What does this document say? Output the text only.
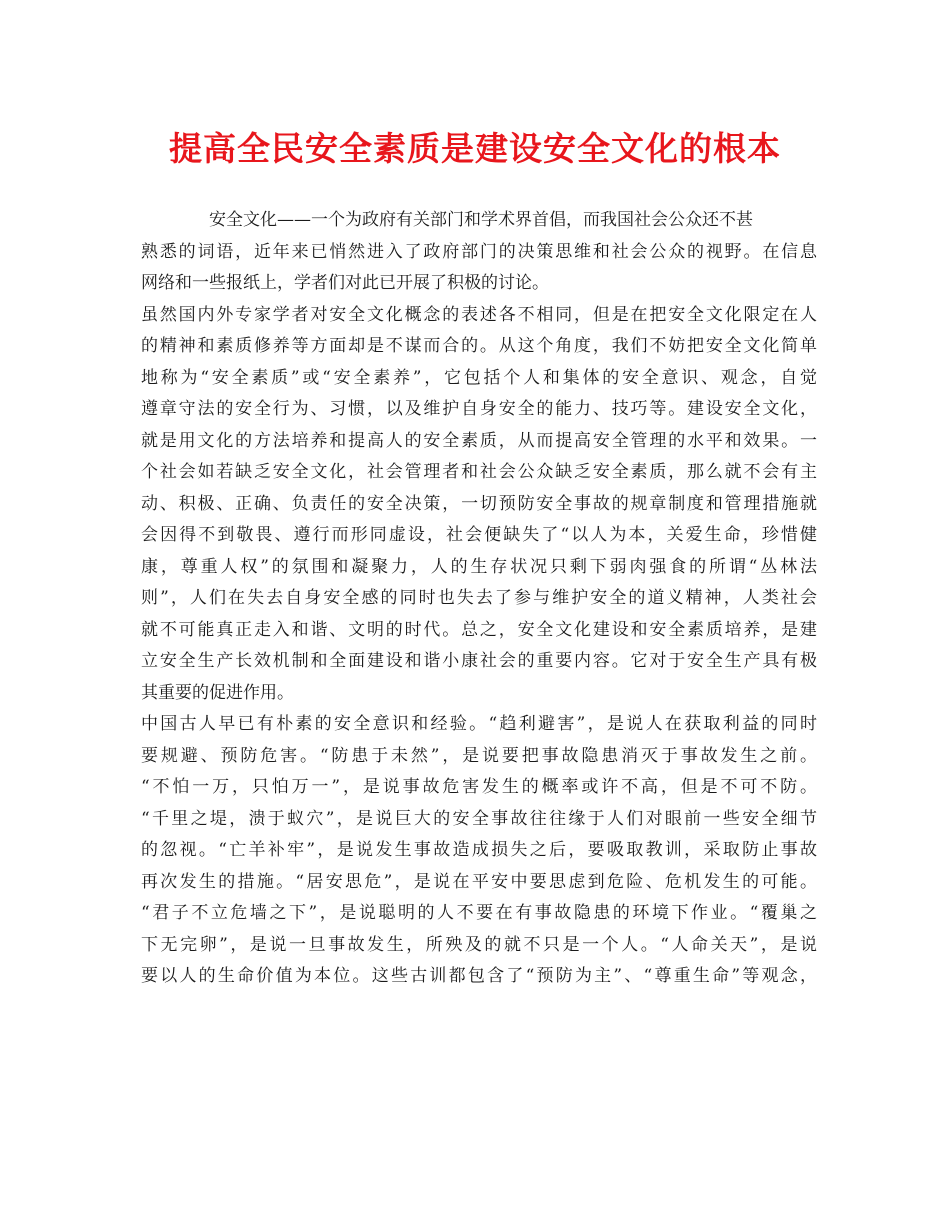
提高全民安全素质是建设安全文化的根本
安全文化——一个为政府有关部门和学术界首倡，而我国社会公众还不甚
熟悉的词语，近年来已悄然进入了政府部门的决策思维和社会公众的视野。在信息
网络和一些报纸上，学者们对此已开展了积极的讨论。
虽然国内外专家学者对安全文化概念的表述各不相同，但是在把安全文化限定在人
的精神和素质修养等方面却是不谋而合的。从这个角度，我们不妨把安全文化简单
地称为“安全素质”或“安全素养”，它包括个人和集体的安全意识、观念，自觉
遵章守法的安全行为、习惯，以及维护自身安全的能力、技巧等。建设安全文化，
就是用文化的方法培养和提高人的安全素质，从而提高安全管理的水平和效果。一
个社会如若缺乏安全文化，社会管理者和社会公众缺乏安全素质，那么就不会有主
动、积极、正确、负责任的安全决策，一切预防安全事故的规章制度和管理措施就
会因得不到敬畏、遵行而形同虚设，社会便缺失了“以人为本，关爱生命，珍惜健
康，尊重人权”的氛围和凝聚力，人的生存状况只剩下弱肉强食的所谓“丛林法
则”，人们在失去自身安全感的同时也失去了参与维护安全的道义精神，人类社会
就不可能真正走入和谐、文明的时代。总之，安全文化建设和安全素质培养，是建
立安全生产长效机制和全面建设和谐小康社会的重要内容。它对于安全生产具有极
其重要的促进作用。
中国古人早已有朴素的安全意识和经验。“趋利避害”，是说人在获取利益的同时
要规避、预防危害。“防患于未然”，是说要把事故隐患消灭于事故发生之前。
“不怕一万，只怕万一”，是说事故危害发生的概率或许不高，但是不可不防。
“千里之堤，溃于蚁穴”，是说巨大的安全事故往往缘于人们对眼前一些安全细节
的忽视。“亡羊补牢”，是说发生事故造成损失之后，要吸取教训，采取防止事故
再次发生的措施。“居安思危”，是说在平安中要思虑到危险、危机发生的可能。
“君子不立危墙之下”，是说聪明的人不要在有事故隐患的环境下作业。“覆巢之
下无完卵”，是说一旦事故发生，所殃及的就不只是一个人。“人命关天”，是说
要以人的生命价值为本位。这些古训都包含了“预防为主”、“尊重生命”等观念，
